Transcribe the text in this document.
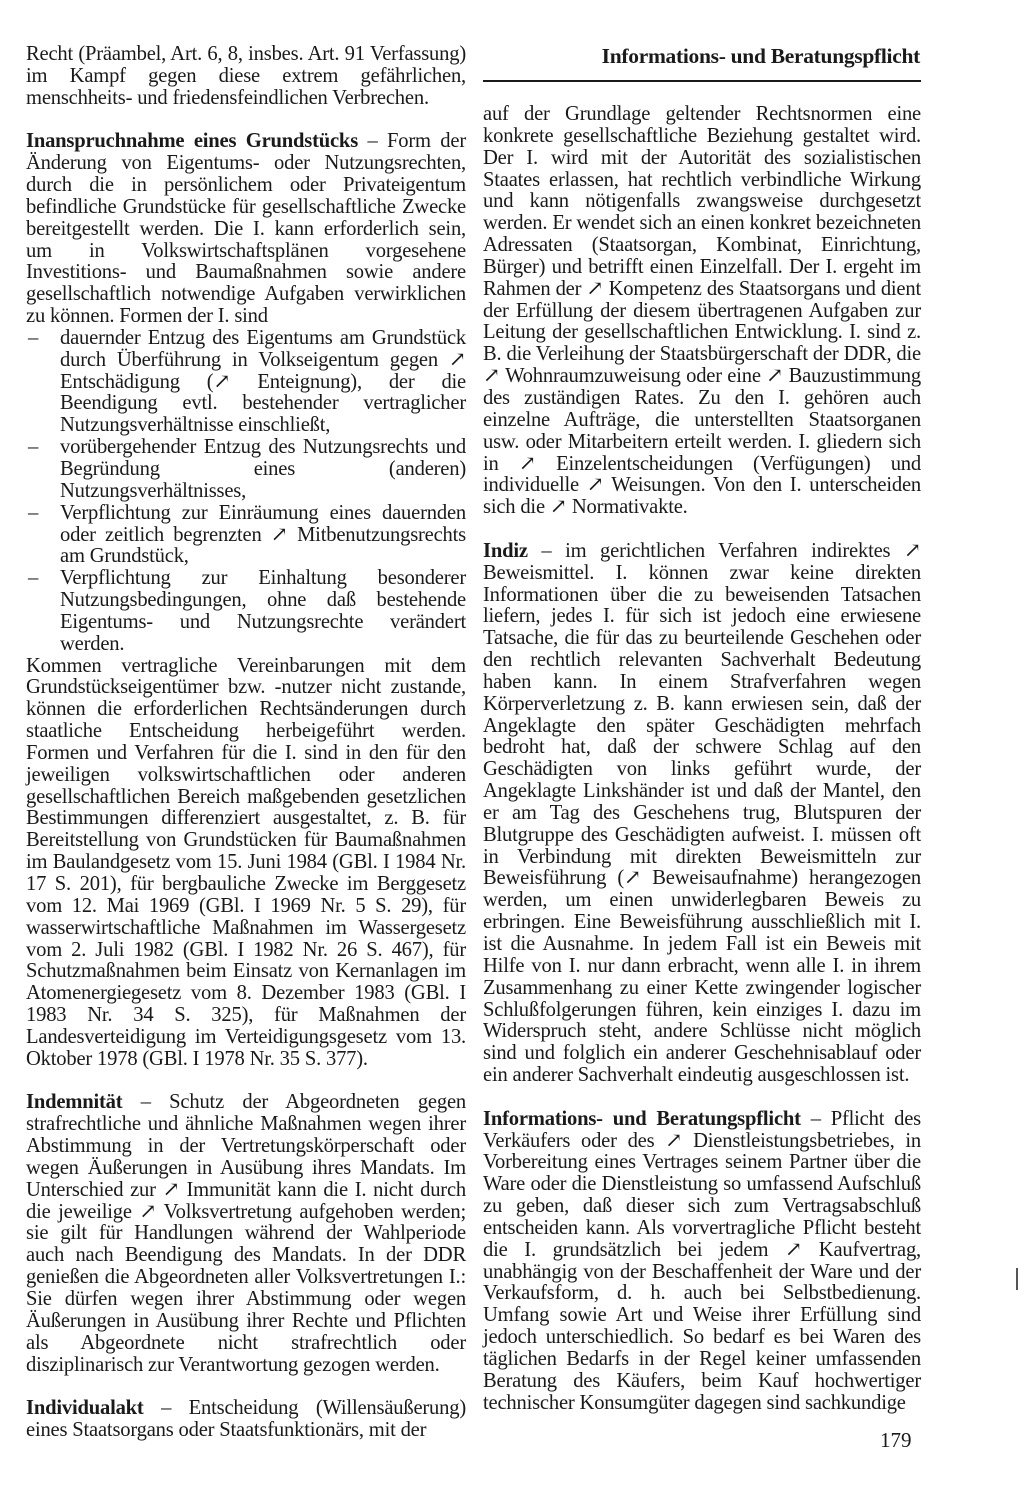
Informations- und Beratungspflicht

Recht (Präambel, Art. 6, 8, insbes. Art. 91 Verfassung) im Kampf gegen diese extrem gefährlichen, menschheits- und friedensfeindlichen Verbrechen.

Inanspruchnahme eines Grundstücks – Form der Änderung von Eigentums- oder Nutzungsrechten, durch die in persönlichem oder Privateigentum befindliche Grundstücke für gesellschaftliche Zwecke bereitgestellt werden. Die I. kann erforderlich sein, um in Volkswirtschaftsplänen vorgesehene Investitions- und Baumaßnahmen sowie andere gesellschaftlich notwendige Aufgaben verwirklichen zu können. Formen der I. sind

– dauernder Entzug des Eigentums am Grundstück durch Überführung in Volkseigentum gegen ↗ Entschädigung (↗ Enteignung), der die Beendigung evtl. bestehender vertraglicher Nutzungsverhältnisse einschließt,
– vorübergehender Entzug des Nutzungsrechts und Begründung eines (anderen) Nutzungsverhältnisses,
– Verpflichtung zur Einräumung eines dauernden oder zeitlich begrenzten ↗ Mitbenutzungsrechts am Grundstück,
– Verpflichtung zur Einhaltung besonderer Nutzungsbedingungen, ohne daß bestehende Eigentums- und Nutzungsrechte verändert werden.

Kommen vertragliche Vereinbarungen mit dem Grundstückseigentümer bzw. -nutzer nicht zustande, können die erforderlichen Rechtsänderungen durch staatliche Entscheidung herbeigeführt werden. Formen und Verfahren für die I. sind in den für den jeweiligen volkswirtschaftlichen oder anderen gesellschaftlichen Bereich maßgebenden gesetzlichen Bestimmungen differenziert ausgestaltet, z. B. für Bereitstellung von Grundstücken für Baumaßnahmen im Baulandgesetz vom 15. Juni 1984 (GBl. I 1984 Nr. 17 S. 201), für bergbauliche Zwecke im Berggesetz vom 12. Mai 1969 (GBl. I 1969 Nr. 5 S. 29), für wasserwirtschaftliche Maßnahmen im Wassergesetz vom 2. Juli 1982 (GBl. I 1982 Nr. 26 S. 467), für Schutzmaßnahmen beim Einsatz von Kernanlagen im Atomenergiegesetz vom 8. Dezember 1983 (GBl. I 1983 Nr. 34 S. 325), für Maßnahmen der Landesverteidigung im Verteidigungsgesetz vom 13. Oktober 1978 (GBl. I 1978 Nr. 35 S. 377).

Indemnität – Schutz der Abgeordneten gegen strafrechtliche und ähnliche Maßnahmen wegen ihrer Abstimmung in der Vertretungskörperschaft oder wegen Äußerungen in Ausübung ihres Mandats. Im Unterschied zur ↗ Immunität kann die I. nicht durch die jeweilige ↗ Volksvertretung aufgehoben werden; sie gilt für Handlungen während der Wahlperiode auch nach Beendigung des Mandats. In der DDR genießen die Abgeordneten aller Volksvertretungen I.: Sie dürfen wegen ihrer Abstimmung oder wegen Äußerungen in Ausübung ihrer Rechte und Pflichten als Abgeordnete nicht strafrechtlich oder disziplinarisch zur Verantwortung gezogen werden.

Individualakt – Entscheidung (Willensäußerung) eines Staatsorgans oder Staatsfunktionärs, mit der

auf der Grundlage geltender Rechtsnormen eine konkrete gesellschaftliche Beziehung gestaltet wird. Der I. wird mit der Autorität des sozialistischen Staates erlassen, hat rechtlich verbindliche Wirkung und kann nötigenfalls zwangsweise durchgesetzt werden. Er wendet sich an einen konkret bezeichneten Adressaten (Staatsorgan, Kombinat, Einrichtung, Bürger) und betrifft einen Einzelfall. Der I. ergeht im Rahmen der ↗ Kompetenz des Staatsorgans und dient der Erfüllung der diesem übertragenen Aufgaben zur Leitung der gesellschaftlichen Entwicklung. I. sind z. B. die Verleihung der Staatsbürgerschaft der DDR, die ↗ Wohnraumzuweisung oder eine ↗ Bauzustimmung des zuständigen Rates. Zu den I. gehören auch einzelne Aufträge, die unterstellten Staatsorganen usw. oder Mitarbeitern erteilt werden. I. gliedern sich in ↗ Einzelentscheidungen (Verfügungen) und individuelle ↗ Weisungen. Von den I. unterscheiden sich die ↗ Normativakte.

Indiz – im gerichtlichen Verfahren indirektes ↗ Beweismittel. I. können zwar keine direkten Informationen über die zu beweisenden Tatsachen liefern, jedes I. für sich ist jedoch eine erwiesene Tatsache, die für das zu beurteilende Geschehen oder den rechtlich relevanten Sachverhalt Bedeutung haben kann. In einem Strafverfahren wegen Körperverletzung z. B. kann erwiesen sein, daß der Angeklagte den später Geschädigten mehrfach bedroht hat, daß der schwere Schlag auf den Geschädigten von links geführt wurde, der Angeklagte Linkshänder ist und daß der Mantel, den er am Tag des Geschehens trug, Blutspuren der Blutgruppe des Geschädigten aufweist. I. müssen oft in Verbindung mit direkten Beweismitteln zur Beweisführung (↗ Beweisaufnahme) herangezogen werden, um einen unwiderlegbaren Beweis zu erbringen. Eine Beweisführung ausschließlich mit I. ist die Ausnahme. In jedem Fall ist ein Beweis mit Hilfe von I. nur dann erbracht, wenn alle I. in ihrem Zusammenhang zu einer Kette zwingender logischer Schlußfolgerungen führen, kein einziges I. dazu im Widerspruch steht, andere Schlüsse nicht möglich sind und folglich ein anderer Geschehnisablauf oder ein anderer Sachverhalt eindeutig ausgeschlossen ist.

Informations- und Beratungspflicht – Pflicht des Verkäufers oder des ↗ Dienstleistungsbetriebes, in Vorbereitung eines Vertrages seinem Partner über die Ware oder die Dienstleistung so umfassend Aufschluß zu geben, daß dieser sich zum Vertragsabschluß entscheiden kann. Als vorvertragliche Pflicht besteht die I. grundsätzlich bei jedem ↗ Kaufvertrag, unabhängig von der Beschaffenheit der Ware und der Verkaufsform, d. h. auch bei Selbstbedienung. Umfang sowie Art und Weise ihrer Erfüllung sind jedoch unterschiedlich. So bedarf es bei Waren des täglichen Bedarfs in der Regel keiner umfassenden Beratung des Käufers, beim Kauf hochwertiger technischer Konsumgüter dagegen sind sachkundige

179
